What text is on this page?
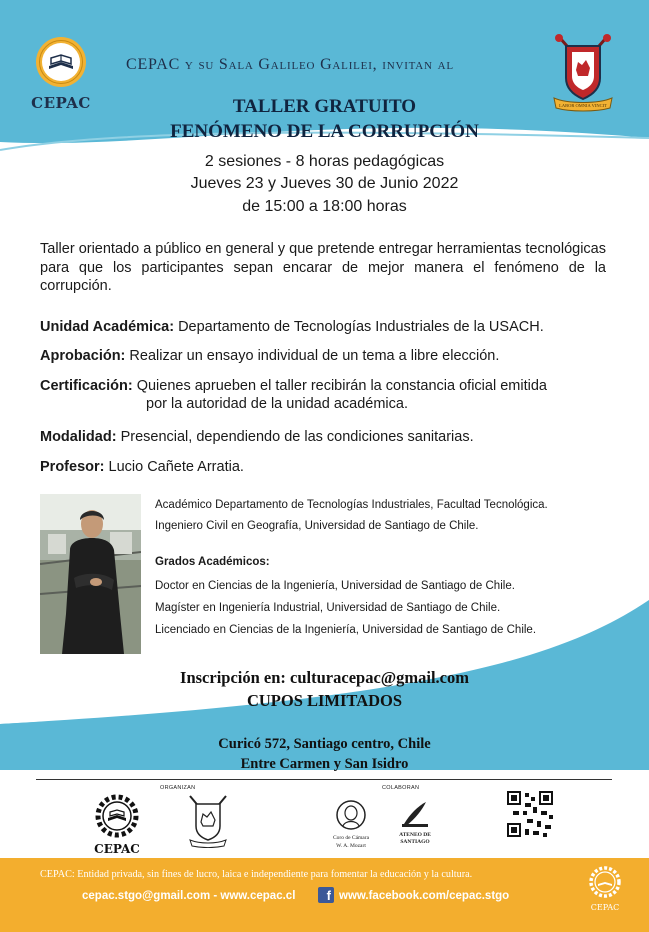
CEPAC
CEPAC y su Sala Galileo Galilei, invitan al
LABOR OMNIA VINCIT
TALLER GRATUITO
FENÓMENO DE LA CORRUPCIÓN
2 sesiones - 8 horas pedagógicas
Jueves 23 y Jueves 30 de Junio 2022
de 15:00 a 18:00 horas
Taller orientado a público en general y que pretende entregar herramientas tecnológicas para que los participantes sepan encarar de mejor manera el fenómeno de la corrupción.
Unidad Académica: Departamento de Tecnologías Industriales de la USACH.
Aprobación: Realizar un ensayo individual de un tema a libre elección.
Certificación: Quienes aprueben el taller recibirán la constancia oficial emitida
por la autoridad de la unidad académica.
Modalidad: Presencial, dependiendo de las condiciones sanitarias.
Profesor: Lucio Cañete Arratia.
Académico Departamento de Tecnologías Industriales, Facultad Tecnológica.
Ingeniero Civil en Geografía, Universidad de Santiago de Chile.
Grados Académicos:
Doctor en Ciencias de la Ingeniería, Universidad de Santiago de Chile.
Magíster en Ingeniería Industrial, Universidad de Santiago de Chile.
Licenciado en Ciencias de la Ingeniería, Universidad de Santiago de Chile.
Inscripción en: culturacepac@gmail.com
CUPOS LIMITADOS
Curicó 572, Santiago centro, Chile
Entre Carmen y San Isidro
ORGANIZAN	COLABORAN
CEPAC
Coro de Cámara
W. A. Mozart
ATENEO DE
SANTIAGO
CEPAC: Entidad privada, sin fines de lucro, laica e independiente para fomentar la educación y la cultura.
cepac.stgo@gmail.com - www.cepac.cl	f www.facebook.com/cepac.stgo
CEPAC
